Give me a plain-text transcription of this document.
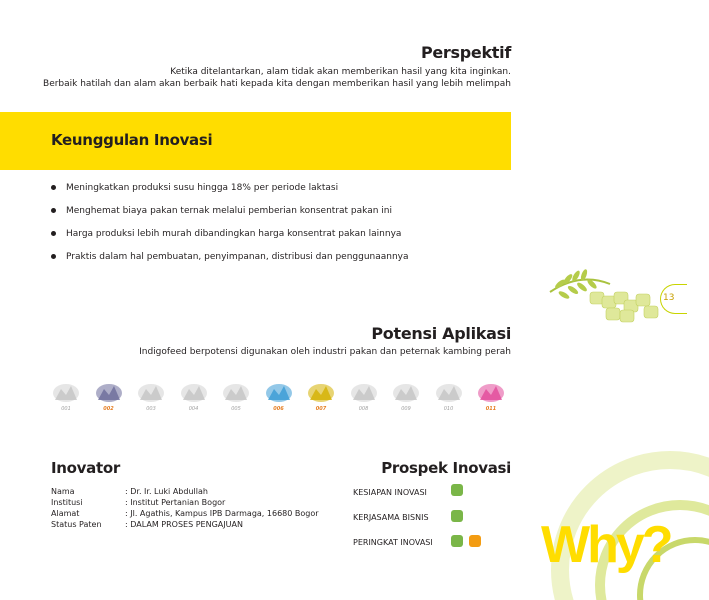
Perspektif
Ketika ditelantarkan, alam tidak akan memberikan hasil yang kita inginkan.
Berbaik hatilah dan alam akan berbaik hati kepada kita dengan memberikan hasil yang lebih melimpah
Keunggulan Inovasi
Meningkatkan produksi susu hingga 18% per periode laktasi
Menghemat biaya pakan ternak melalui pemberian konsentrat pakan ini
Harga produksi lebih murah dibandingkan harga konsentrat pakan lainnya
Praktis dalam hal pembuatan, penyimpanan, distribusi dan penggunaannya
13
Potensi Aplikasi
Indigofeed berpotensi digunakan oleh industri pakan dan peternak kambing perah
001	002	003	004	005	006	007	008	009	010	011
Inovator
Nama	: Dr. Ir. Luki Abdullah
Institusi	: Institut Pertanian Bogor
Alamat	: Jl. Agathis, Kampus IPB Darmaga, 16680 Bogor
Status Paten	: DALAM PROSES PENGAJUAN	Why?
Prospek Inovasi
KESIAPAN INOVASI
KERJASAMA BISNIS
PERINGKAT INOVASI
